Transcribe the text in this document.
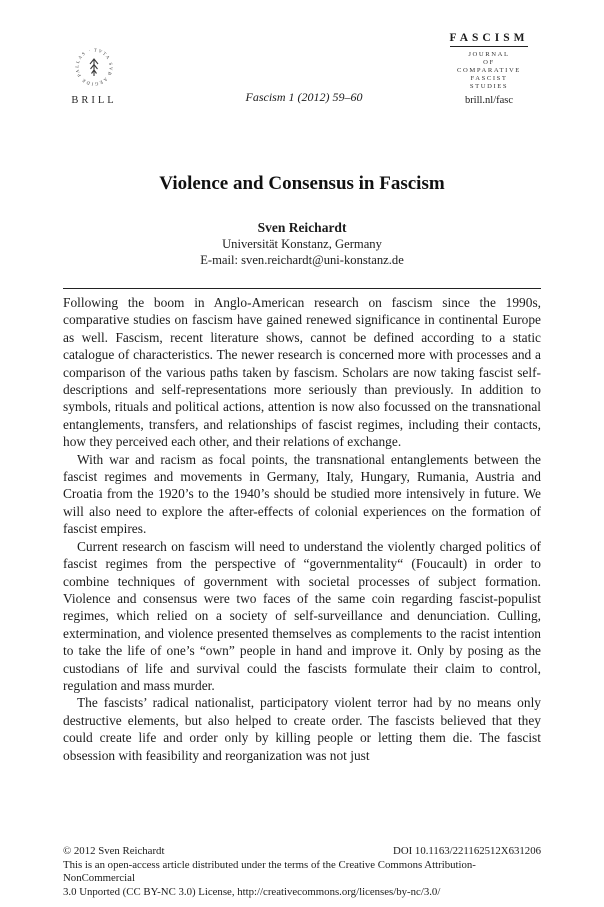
TVTA SVB AEGIDE PALLAS · 1683
BRILL	Fascism 1 (2012) 59–60
FASCISM
JOURNAL
OF
COMPARATIVE
FASCIST
STUDIES
brill.nl/fasc
Violence and Consensus in Fascism
Sven Reichardt
Universität Konstanz, Germany
E-mail: sven.reichardt@uni-konstanz.de

Following the boom in Anglo-American research on fascism since the 1990s, comparative studies on fascism have gained renewed significance in continental Europe as well. Fascism, recent literature shows, cannot be defined according to a static catalogue of characteristics. The newer research is concerned more with processes and a comparison of the various paths taken by fascism. Scholars are now taking fascist self-descriptions and self-representations more seriously than previously. In addition to symbols, rituals and political actions, attention is now also focussed on the transnational entanglements, transfers, and relationships of fascist regimes, including their contacts, how they perceived each other, and their relations of exchange.

With war and racism as focal points, the transnational entanglements between the fascist regimes and movements in Germany, Italy, Hungary, Rumania, Austria and Croatia from the 1920’s to the 1940’s should be studied more intensively in future. We will also need to explore the after-effects of colonial experiences on the formation of fascist empires.

Current research on fascism will need to understand the violently charged politics of fascist regimes from the perspective of “governmentality“ (Foucault) in order to combine techniques of government with societal processes of subject formation. Violence and consensus were two faces of the same coin regarding fascist-populist regimes, which relied on a society of self-surveillance and denunciation. Culling, extermination, and violence presented themselves as complements to the racist intention to take the life of one’s “own” people in hand and improve it. Only by posing as the custodians of life and survival could the fascists formulate their claim to control, regulation and mass murder.

The fascists’ radical nationalist, participatory violent terror had by no means only destructive elements, but also helped to create order. The fascists believed that they could create life and order only by killing people or letting them die. The fascist obsession with feasibility and reorganization was not just

© 2012 Sven Reichardt	DOI 10.1163/221162512X631206
This is an open-access article distributed under the terms of the Creative Commons Attribution-NonCommercial
3.0 Unported (CC BY-NC 3.0) License, http://creativecommons.org/licenses/by-nc/3.0/
